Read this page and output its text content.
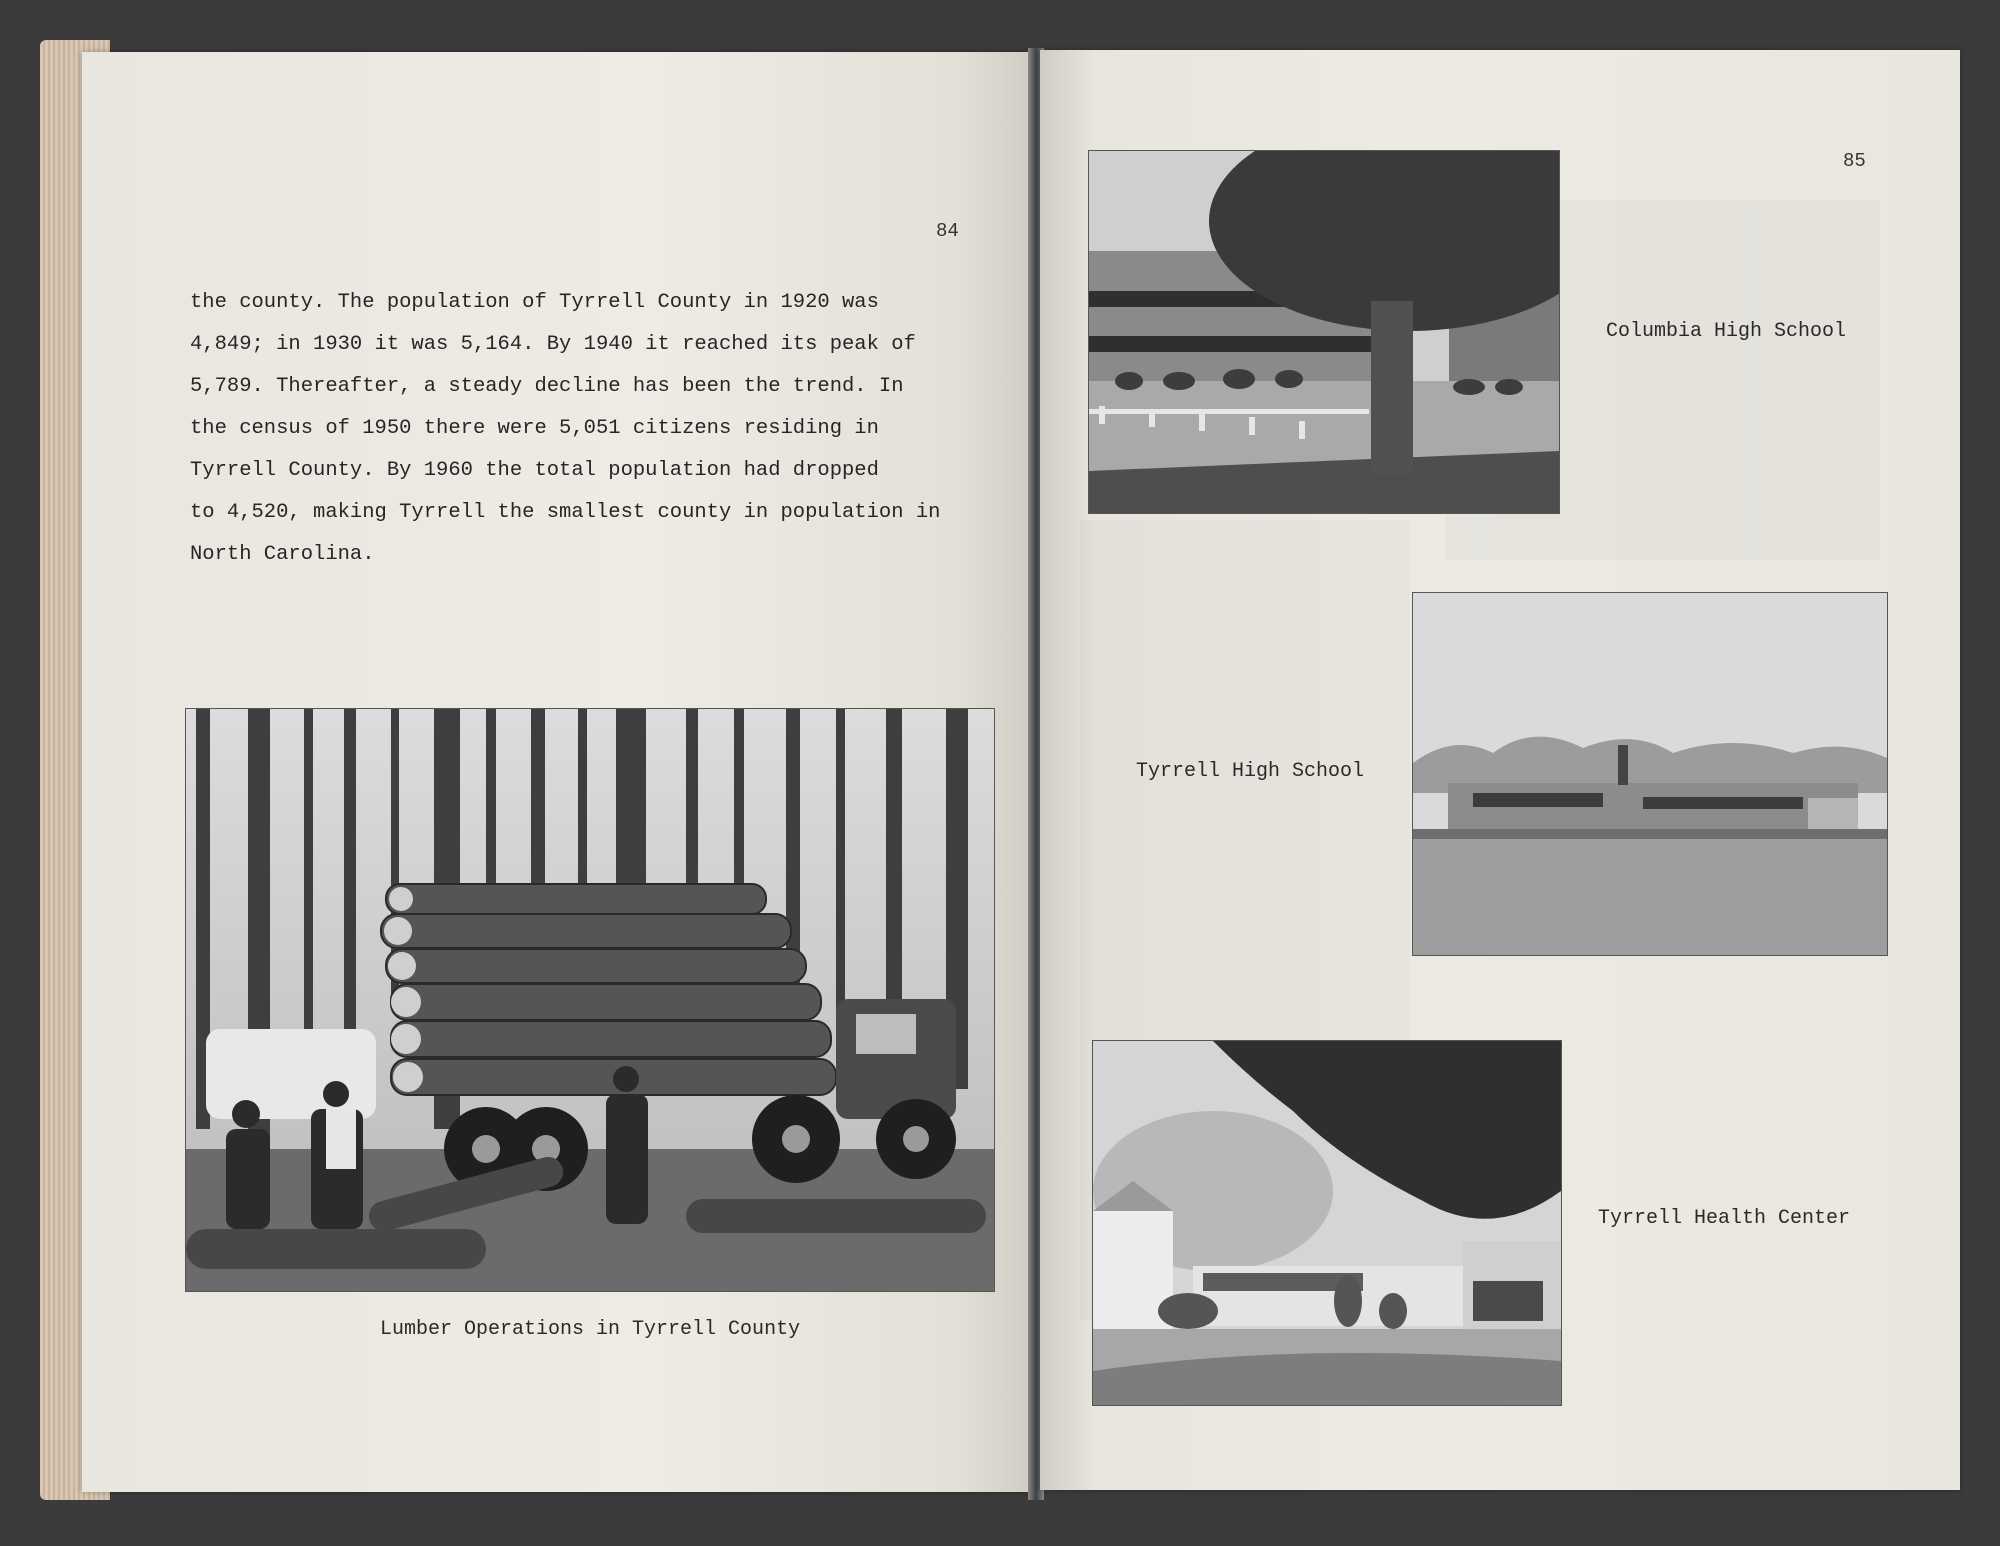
84
the county. The population of Tyrrell County in 1920 was
4,849; in 1930 it was 5,164. By 1940 it reached its peak of
5,789. Thereafter, a steady decline has been the trend. In
the census of 1950 there were 5,051 citizens residing in
Tyrrell County. By 1960 the total population had dropped
to 4,520, making Tyrrell the smallest county in population in
North Carolina.
Lumber Operations in Tyrrell County
85
Columbia High School
Tyrrell High School
Tyrrell Health Center
